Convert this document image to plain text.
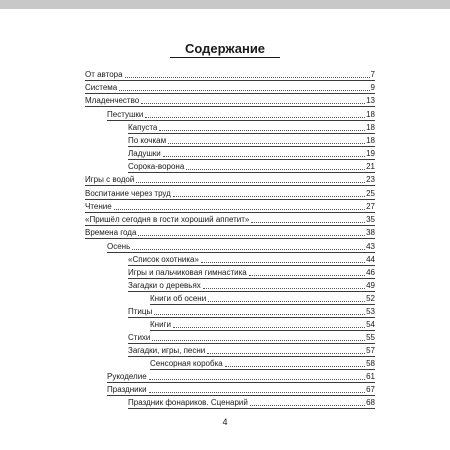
Содержание
От автора	7
Система	9
Младенчество	13
Пестушки	18
Капуста	18
По кочкам	18
Ладушки	19
Сорока-ворона	21
Игры с водой	23
Воспитание через труд	25
Чтение	27
«Пришёл сегодня в гости хороший аппетит»	35
Времена года	38
Осень	43
«Список охотника»	44
Игры и пальчиковая гимнастика	46
Загадки о деревьях	49
Книги об осени	52
Птицы	53
Книги	54
Стихи	55
Загадки, игры, песни	57
Сенсорная коробка	58
Рукоделие	61
Праздники	67
Праздник фонариков. Сценарий	68
4
